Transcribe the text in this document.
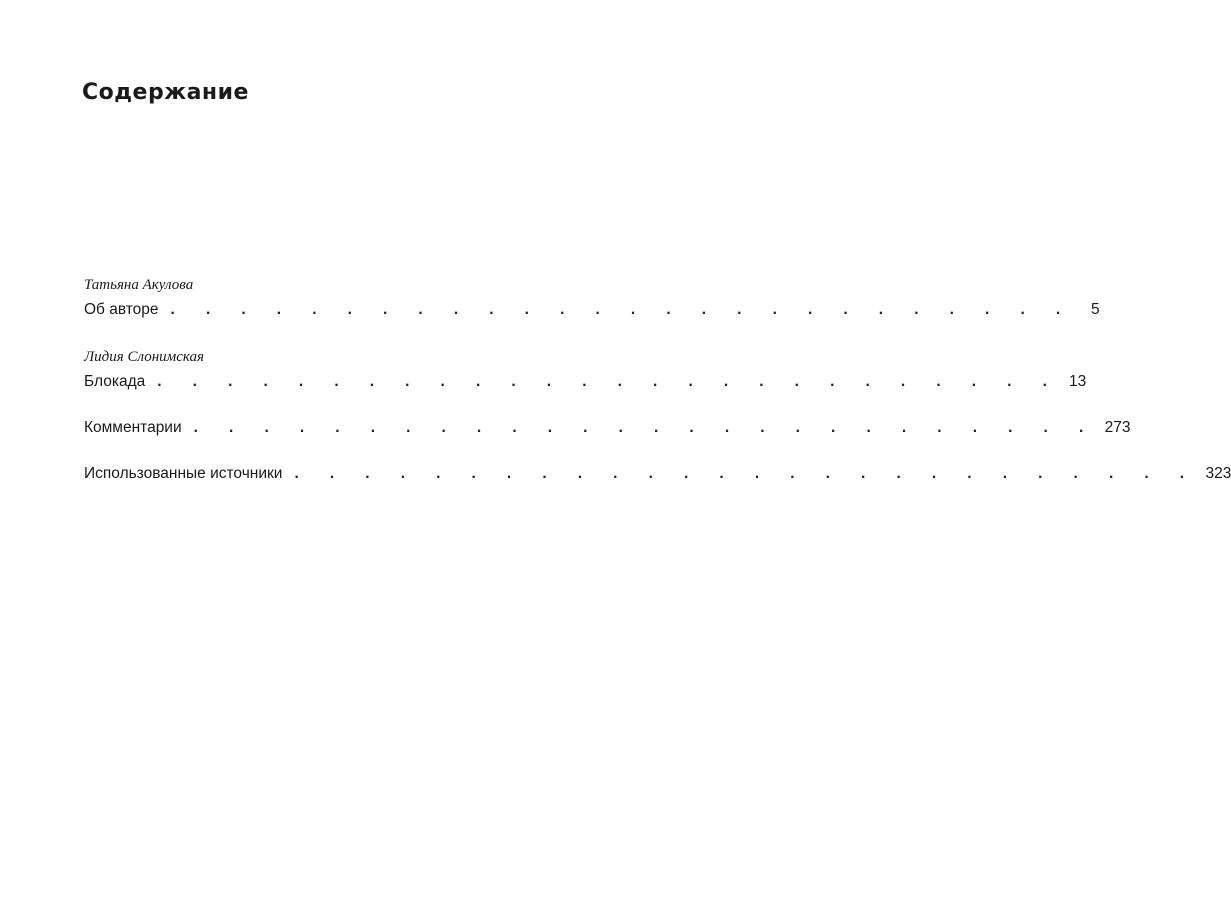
Содержание
Татьяна Акулова
Об авторе . . . . . . . . . . . . . . . . . . . . . . . . . .	5
Лидия Слонимская
Блокада . . . . . . . . . . . . . . . . . . . . . . . . . . 13
Комментарии . . . . . . . . . . . . . . . . . . . . . . . . . . 273
Использованные источники . . . . . . . . . . . . . . . . . . . . . . . . . . 323
